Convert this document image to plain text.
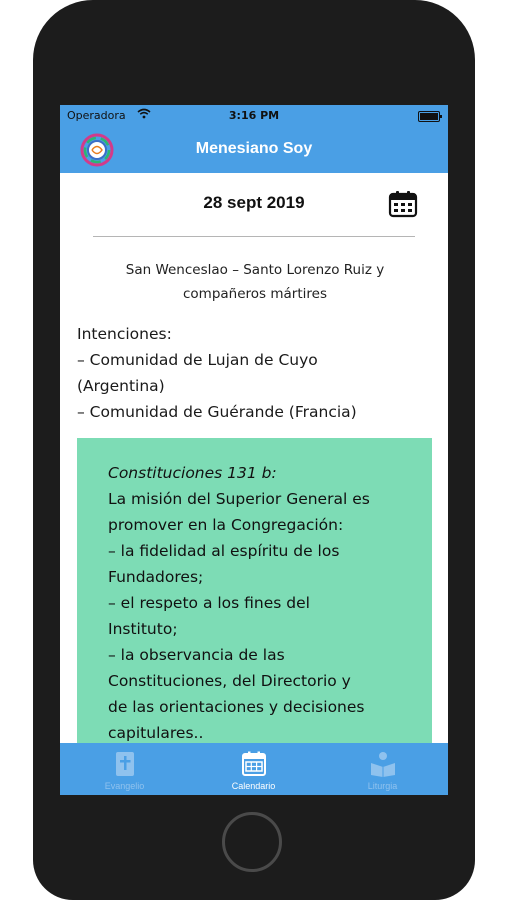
Operadora	3:16 PM
Menesiano Soy
28 sept 2019
San Wenceslao – Santo Lorenzo Ruiz y
compañeros mártires
Intenciones:
– Comunidad de Lujan de Cuyo
(Argentina)
– Comunidad de Guérande (Francia)
Constituciones 131 b:
La misión del Superior General es
promover en la Congregación:
– la fidelidad al espíritu de los
Fundadores;
– el respeto a los fines del
Instituto;
– la observancia de las
Constituciones, del Directorio y
de las orientaciones y decisiones
capitulares..
Evangelio	Calendario	Liturgia
